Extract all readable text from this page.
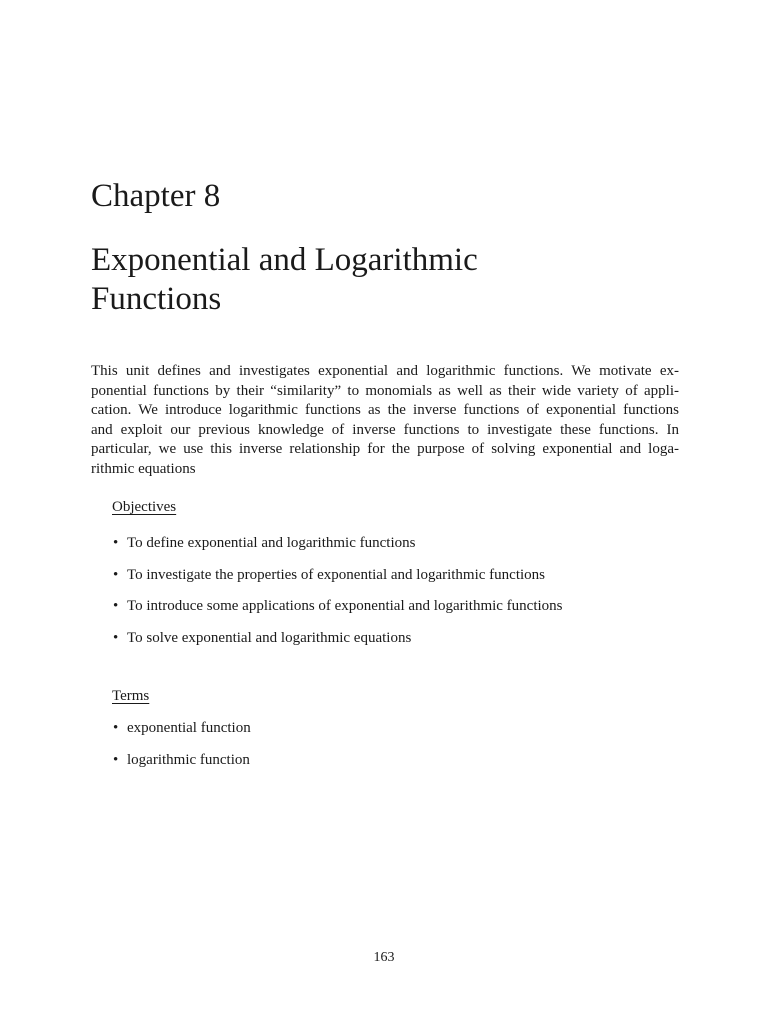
Chapter 8
Exponential and Logarithmic
Functions
This unit defines and investigates exponential and logarithmic functions. We motivate ex-
ponential functions by their “similarity” to monomials as well as their wide variety of appli-
cation. We introduce logarithmic functions as the inverse functions of exponential functions
and exploit our previous knowledge of inverse functions to investigate these functions. In
particular, we use this inverse relationship for the purpose of solving exponential and loga-
rithmic equations
Objectives
• To define exponential and logarithmic functions
• To investigate the properties of exponential and logarithmic functions
• To introduce some applications of exponential and logarithmic functions
• To solve exponential and logarithmic equations
Terms
• exponential function
• logarithmic function
163
